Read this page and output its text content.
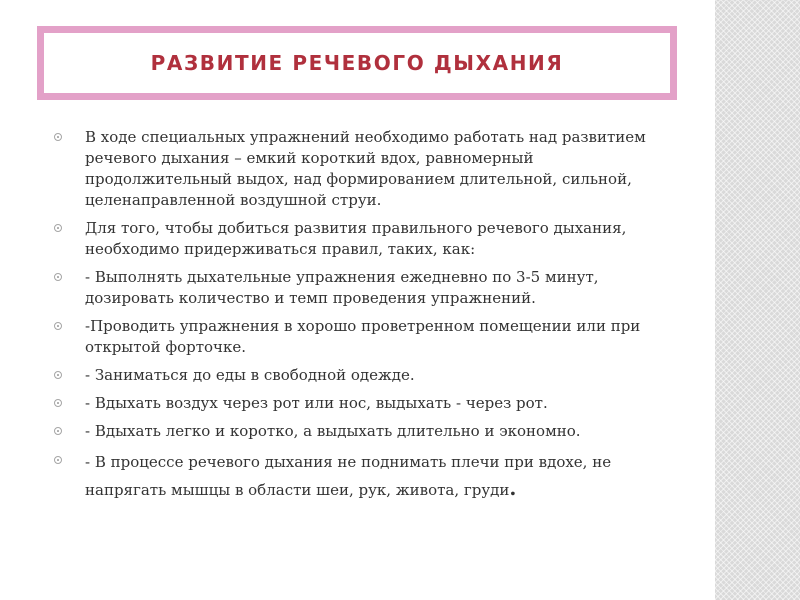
РАЗВИТИЕ РЕЧЕВОГО ДЫХАНИЯ
В ходе специальных упражнений необходимо работать над развитием речевого дыхания – емкий короткий вдох, равномерный продолжительный выдох, над формированием длительной, сильной, целенаправленной воздушной струи.
Для того, чтобы добиться развития правильного речевого дыхания, необходимо придерживаться правил, таких, как:
- Выполнять дыхательные упражнения ежедневно по 3-5 минут, дозировать количество и темп проведения упражнений.
-Проводить упражнения в хорошо проветренном помещении или при открытой форточке.
- Заниматься до еды в свободной одежде.
- Вдыхать воздух через рот или нос, выдыхать - через рот.
- Вдыхать легко и коротко, а выдыхать длительно и экономно.
- В процессе речевого дыхания не поднимать плечи при вдохе, не напрягать мышцы в области шеи, рук, живота, груди.
